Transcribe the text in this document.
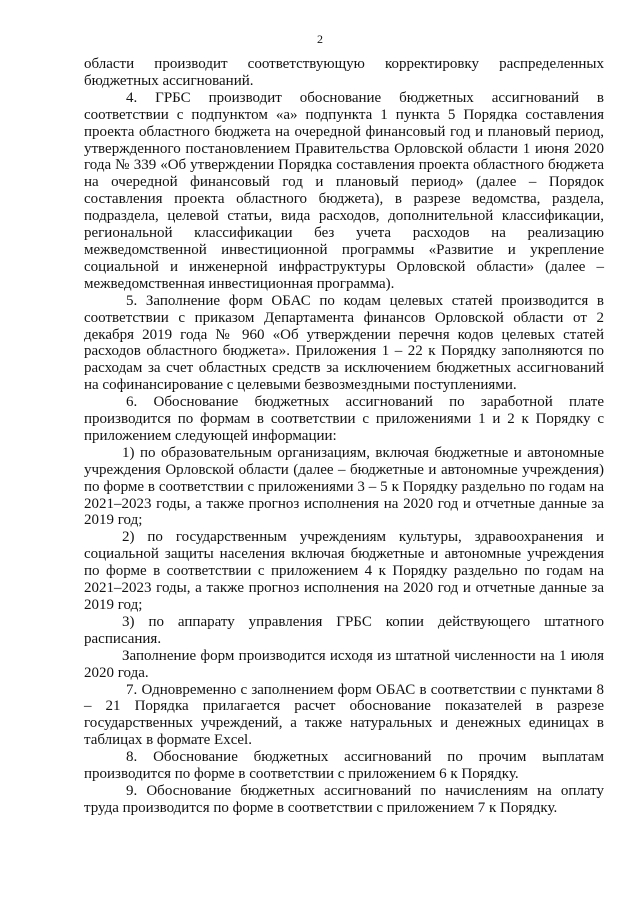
2

области производит соответствующую корректировку распределенных бюджетных ассигнований.

4. ГРБС производит обоснование бюджетных ассигнований в соответствии с подпунктом «а» подпункта 1 пункта 5 Порядка составления проекта областного бюджета на очередной финансовый год и плановый период, утвержденного постановлением Правительства Орловской области 1 июня 2020 года № 339 «Об утверждении Порядка составления проекта областного бюджета на очередной финансовый год и плановый период» (далее – Порядок составления проекта областного бюджета), в разрезе ведомства, раздела, подраздела, целевой статьи, вида расходов, дополнительной классификации, региональной классификации без учета расходов на реализацию межведомственной инвестиционной программы «Развитие и укрепление социальной и инженерной инфраструктуры Орловской области» (далее – межведомственная инвестиционная программа).

5. Заполнение форм ОБАС по кодам целевых статей производится в соответствии с приказом Департамента финансов Орловской области от 2 декабря 2019 года № 960 «Об утверждении перечня кодов целевых статей расходов областного бюджета». Приложения 1 – 22 к Порядку заполняются по расходам за счет областных средств за исключением бюджетных ассигнований на софинансирование с целевыми безвозмездными поступлениями.

6. Обоснование бюджетных ассигнований по заработной плате производится по формам в соответствии с приложениями 1 и 2 к Порядку с приложением следующей информации:

1) по образовательным организациям, включая бюджетные и автономные учреждения Орловской области (далее – бюджетные и автономные учреждения) по форме в соответствии с приложениями 3 – 5 к Порядку раздельно по годам на 2021–2023 годы, а также прогноз исполнения на 2020 год и отчетные данные за 2019 год;

2) по государственным учреждениям культуры, здравоохранения и социальной защиты населения включая бюджетные и автономные учреждения по форме в соответствии с приложением 4 к Порядку раздельно по годам на 2021–2023 годы, а также прогноз исполнения на 2020 год и отчетные данные за 2019 год;

3) по аппарату управления ГРБС копии действующего штатного расписания.

Заполнение форм производится исходя из штатной численности на 1 июля 2020 года.

7. Одновременно с заполнением форм ОБАС в соответствии с пунктами 8 – 21 Порядка прилагается расчет обоснование показателей в разрезе государственных учреждений, а также натуральных и денежных единицах в таблицах в формате Excel.

8. Обоснование бюджетных ассигнований по прочим выплатам производится по форме в соответствии с приложением 6 к Порядку.

9. Обоснование бюджетных ассигнований по начислениям на оплату труда производится по форме в соответствии с приложением 7 к Порядку.
